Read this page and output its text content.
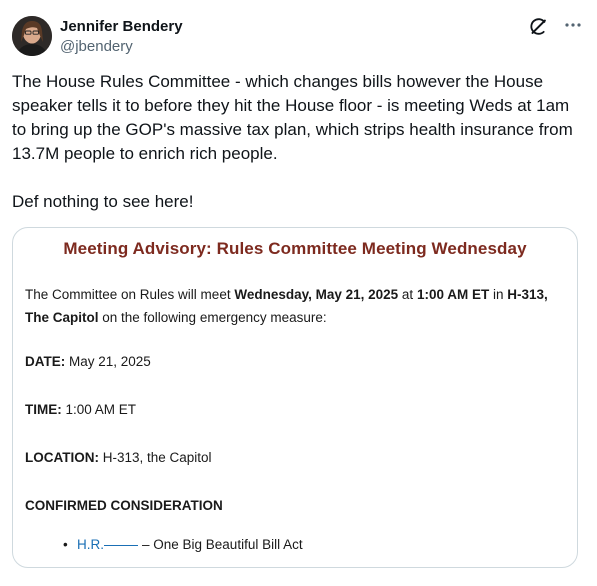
Jennifer Bendery
@jbendery
The House Rules Committee - which changes bills however the House speaker tells it to before they hit the House floor - is meeting Weds at 1am to bring up the GOP's massive tax plan, which strips health insurance from 13.7M people to enrich rich people.

Def nothing to see here!
Meeting Advisory: Rules Committee Meeting Wednesday
The Committee on Rules will meet Wednesday, May 21, 2025 at 1:00 AM ET in H-313, The Capitol on the following emergency measure:
DATE: May 21, 2025
TIME: 1:00 AM ET
LOCATION: H-313, the Capitol
CONFIRMED CONSIDERATION
• H.R.	– One Big Beautiful Bill Act
